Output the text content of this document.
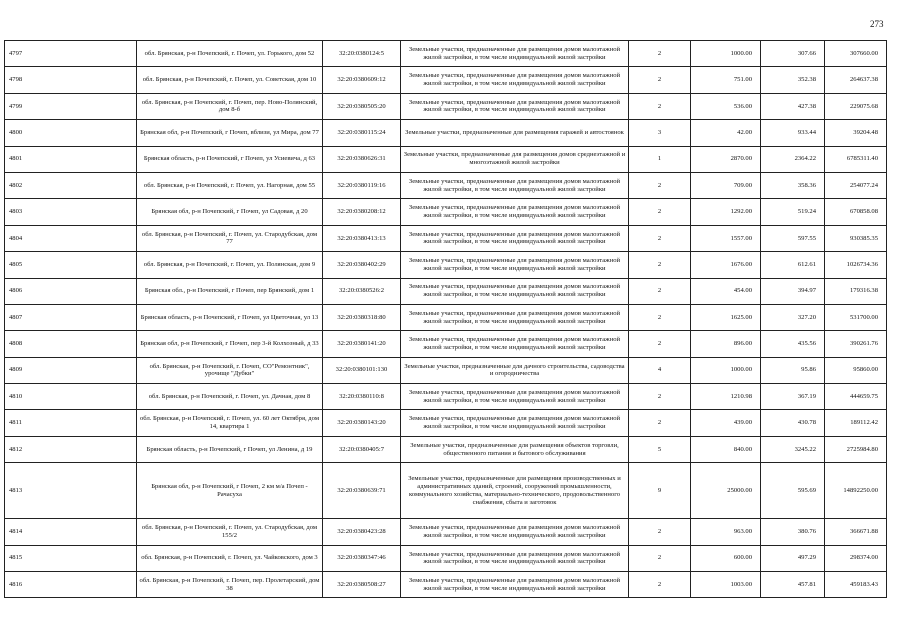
273
4797	обл. Брянская, р-н Почепский, г. Почеп, ул. Горького, дом 52	32:20:0380124:5	Земельные участки, предназначенные для размещения домов малоэтажной жилой застройки, в том числе индивидуальной жилой застройки	2	1000.00	307.66	307660.00
4798	обл. Брянская, р-н Почепский, г. Почеп, ул. Советская, дом 10	32:20:0380609:12	Земельные участки, предназначенные для размещения домов малоэтажной жилой застройки, в том числе индивидуальной жилой застройки	2	751.00	352.38	264637.38
4799	обл. Брянская, р-н Почепский, г. Почеп, пер. Ново-Полянский, дом 8-б	32:20:0380505:20	Земельные участки, предназначенные для размещения домов малоэтажной жилой застройки, в том числе индивидуальной жилой застройки	2	536.00	427.38	229075.68
4800	Брянская обл, р-н Почепский, г Почеп, вблизи, ул Мира, дом 77	32:20:0380115:24	Земельные участки, предназначенные для размещения гаражей и автостоянок	3	42.00	933.44	39204.48
4801	Брянская область, р-н Почепский, г Почеп, ул Усиевича, д 63	32:20:0380626:31	Земельные участки, предназначенные для размещения домов среднеэтажной и многоэтажной жилой застройки	1	2870.00	2364.22	6785311.40
4802	обл. Брянская, р-н Почепский, г. Почеп, ул. Нагорная, дом 55	32:20:0380119:16	Земельные участки, предназначенные для размещения домов малоэтажной жилой застройки, в том числе индивидуальной жилой застройки	2	709.00	358.36	254077.24
4803	Брянская обл, р-н Почепский, г Почеп, ул Садовая, д 20	32:20:0380208:12	Земельные участки, предназначенные для размещения домов малоэтажной жилой застройки, в том числе индивидуальной жилой застройки	2	1292.00	519.24	670858.08
4804	обл. Брянская, р-н Почепский, г. Почеп, ул. Стародубская, дом 77	32:20:0380413:13	Земельные участки, предназначенные для размещения домов малоэтажной жилой застройки, в том числе индивидуальной жилой застройки	2	1557.00	597.55	930385.35
4805	обл. Брянская, р-н Почепский, г. Почеп, ул. Полянская, дом 9	32:20:0380402:29	Земельные участки, предназначенные для размещения домов малоэтажной жилой застройки, в том числе индивидуальной жилой застройки	2	1676.00	612.61	1026734.36
4806	Брянская обл., р-н Почепский, г Почеп, пер Брянский, дом 1	32:20:0380526:2	Земельные участки, предназначенные для размещения домов малоэтажной жилой застройки, в том числе индивидуальной жилой застройки	2	454.00	394.97	179316.38
4807	Брянская область, р-н Почепский, г Почеп, ул Цветочная, ул 13	32:20:0380318:80	Земельные участки, предназначенные для размещения домов малоэтажной жилой застройки, в том числе индивидуальной жилой застройки	2	1625.00	327.20	531700.00
4808	Брянская обл, р-н Почепский, г Почеп, пер 3-й Колхозный, д 33	32:20:0380141:20	Земельные участки, предназначенные для размещения домов малоэтажной жилой застройки, в том числе индивидуальной жилой застройки	2	896.00	435.56	390261.76
4809	обл. Брянская, р-н Почепский, г. Почеп, СО"Ремонтник", урочище "Дубки"	32:20:0380101:130	Земельные участки, предназначенные для дачного строительства, садоводства и огородничества	4	1000.00	95.86	95860.00
4810	обл. Брянская, р-н Почепский, г. Почеп, ул. Дачная, дом 8	32:20:0380110:8	Земельные участки, предназначенные для размещения домов малоэтажной жилой застройки, в том числе индивидуальной жилой застройки	2	1210.98	367.19	444659.75
4811	обл. Брянская, р-н Почепский, г. Почеп, ул. 60 лет Октября, дом 14, квартира 1	32:20:0380143:20	Земельные участки, предназначенные для размещения домов малоэтажной жилой застройки, в том числе индивидуальной жилой застройки	2	439.00	430.78	189112.42
4812	Брянская область, р-н Почепский, г Почеп, ул Ленина, д 19	32:20:0380405:7	Земельные участки, предназначенные для размещения объектов торговли, общественного питания и бытового обслуживания	5	840.00	3245.22	2725984.80
4813	Брянская обл, р-н Почепский, г Почеп, 2 км м/а Почеп - Рачасуха	32:20:0380639:71	Земельные участки, предназначенные для размещения производственных и административных зданий, строений, сооружений промышленности, коммунального хозяйства, материально-технического, продовольственного снабжения, сбыта и заготовок	9	25000.00	595.69	14892250.00
4814	обл. Брянская, р-н Почепский, г. Почеп, ул. Стародубская, дом 155/2	32:20:0380423:28	Земельные участки, предназначенные для размещения домов малоэтажной жилой застройки, в том числе индивидуальной жилой застройки	2	963.00	380.76	366671.88
4815	обл. Брянская, р-н Почепский, г. Почеп, ул. Чайковского, дом 3	32:20:0380347:46	Земельные участки, предназначенные для размещения домов малоэтажной жилой застройки, в том числе индивидуальной жилой застройки	2	600.00	497.29	298374.00
4816	обл. Брянская, р-н Почепский, г. Почеп, пер. Пролетарский, дом 38	32:20:0380508:27	Земельные участки, предназначенные для размещения домов малоэтажной жилой застройки, в том числе индивидуальной жилой застройки	2	1003.00	457.81	459183.43
